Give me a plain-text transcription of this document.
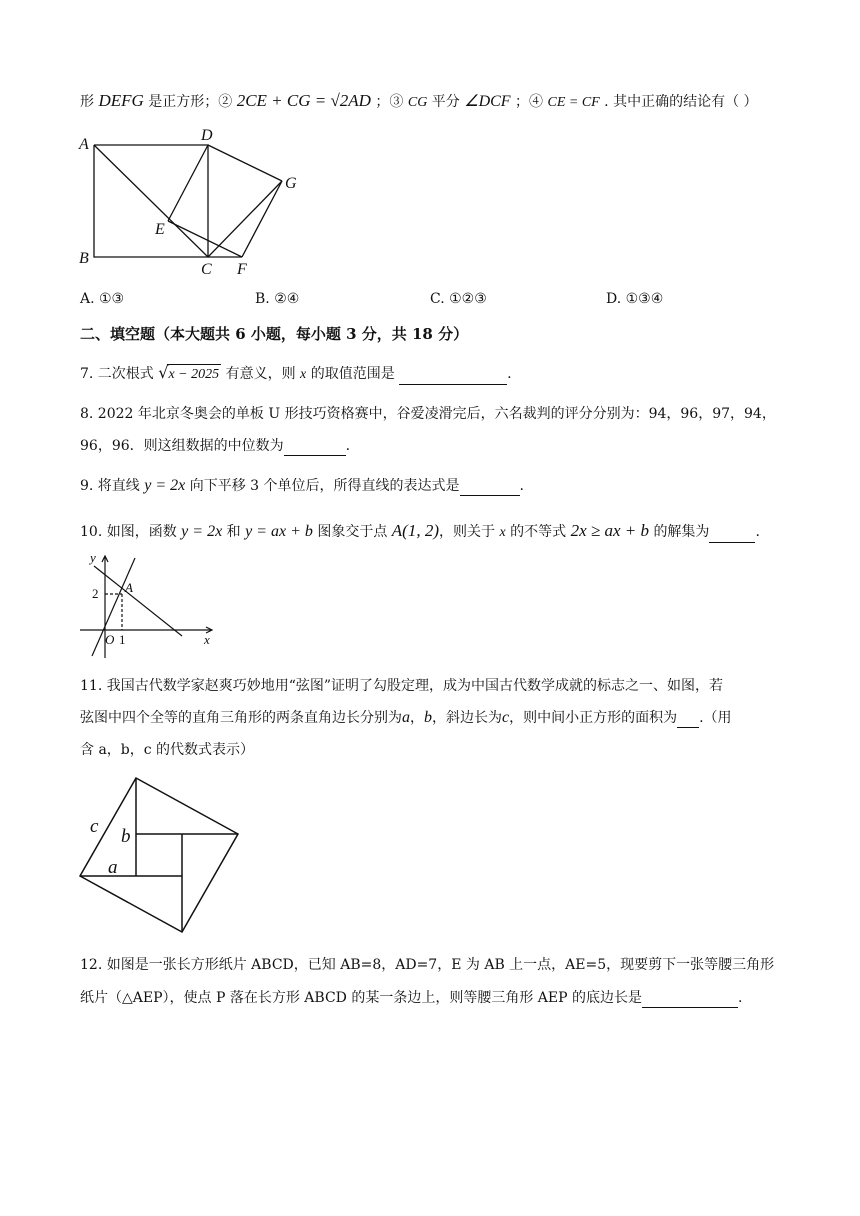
形 DEFG 是正方形；② 2CE + CG = √2AD ；③ CG 平分 ∠DCF ；④ CE = CF . 其中正确的结论有（ ）
A
D
G
E
B
C F
A. ①③	B. ②④	C. ①②③	D. ①③④
二、填空题（本大题共 6 小题，每小题 3 分，共 18 分）
7. 二次根式 √x − 2025 有意义，则 x 的取值范围是	.
8. 2022 年北京冬奥会的单板 U 形技巧资格赛中，谷爱凌滑完后，六名裁判的评分分别为：94，96，97，94，
96，96．则这组数据的中位数为	.
9. 将直线 y = 2x 向下平移 3 个单位后，所得直线的表达式是	.
10. 如图，函数 y = 2x 和 y = ax + b 图象交于点 A(1, 2)，则关于 x 的不等式 2x ≥ ax + b 的解集为	.
y
x
2 A
O 1
11. 我国古代数学家赵爽巧妙地用“弦图”证明了勾股定理，成为中国古代数学成就的标志之一、如图，若
弦图中四个全等的直角三角形的两条直角边长分别为a，b，斜边长为c，则中间小正方形的面积为 .（用
含 a，b，c 的代数式表示）
c b
a
12. 如图是一张长方形纸片 ABCD，已知 AB=8，AD=7，E 为 AB 上一点，AE=5，现要剪下一张等腰三角形
纸片（△AEP），使点 P 落在长方形 ABCD 的某一条边上，则等腰三角形 AEP 的底边长是	.
